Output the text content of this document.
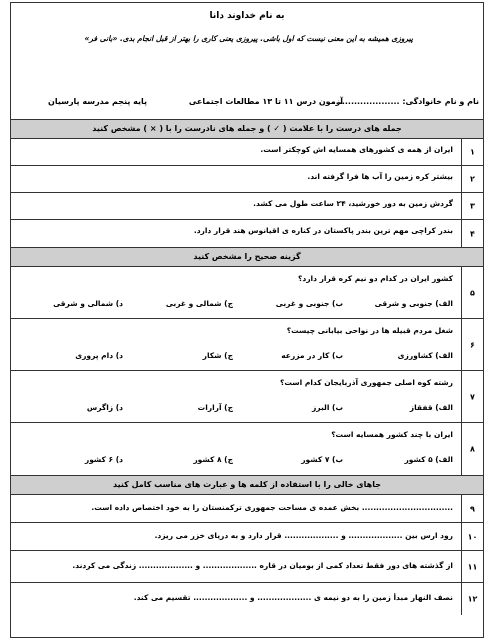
به نام خداوند دانا
پیروزی همیشه به این معنی نیست که اول باشی. پیروزی یعنی کاری را بهتر از قبل انجام بدی. «بانی فر»
نام و نام خانوادگی: ......................
آزمون درس ۱۱ تا ۱۳ مطالعات اجتماعی
پایه پنجم مدرسه پارسیان
جمله های درست را با علامت ( ✓ ) و جمله های نادرست را با ( × ) مشخص کنید
۱
ایران از همه ی کشورهای همسایه اش کوچکتر است.
۲
بیشتر کره زمین را آب ها فرا گرفته اند.
۳
گردش زمین به دور خورشید، ۲۴ ساعت طول می کشد.
۴
بندر کراچی مهم ترین بندر پاکستان در کناره ی اقیانوس هند قرار دارد.
گزینه صحیح را مشخص کنید
۵
کشور ایران در کدام دو نیم کره قرار دارد؟
الف) جنوبی و شرقی
ب) جنوبی و غربی
ج) شمالی و غربی
د) شمالی و شرقی
۶
شغل مردم قبیله ها در نواحی بیابانی چیست؟
الف) کشاورزی
ب) کار در مزرعه
ج) شکار
د) دام پروری
۷
رشته کوه اصلی جمهوری آذربایجان کدام است؟
الف) قفقاز
ب) البرز
ج) آرارات
د) زاگرس
۸
ایران با چند کشور همسایه است؟
الف) ۵ کشور
ب) ۷ کشور
ج) ۸ کشور
د) ۶ کشور
جاهای خالی را با استفاده از کلمه ها و عبارت های مناسب کامل کنید
۹
................................ بخش عمده ی مساحت جمهوری ترکمنستان را به خود اختصاص داده است.
۱۰
رود ارس بین ................... و ................... قرار دارد و به دریای خزر می ریزد.
۱۱
از گذشته های دور فقط تعداد کمی از بومیان در قاره ................... و ................... زندگی می کردند.
۱۲
نصف النهار مبدأ زمین را به دو نیمه ی ................... و ................... تقسیم می کند.
